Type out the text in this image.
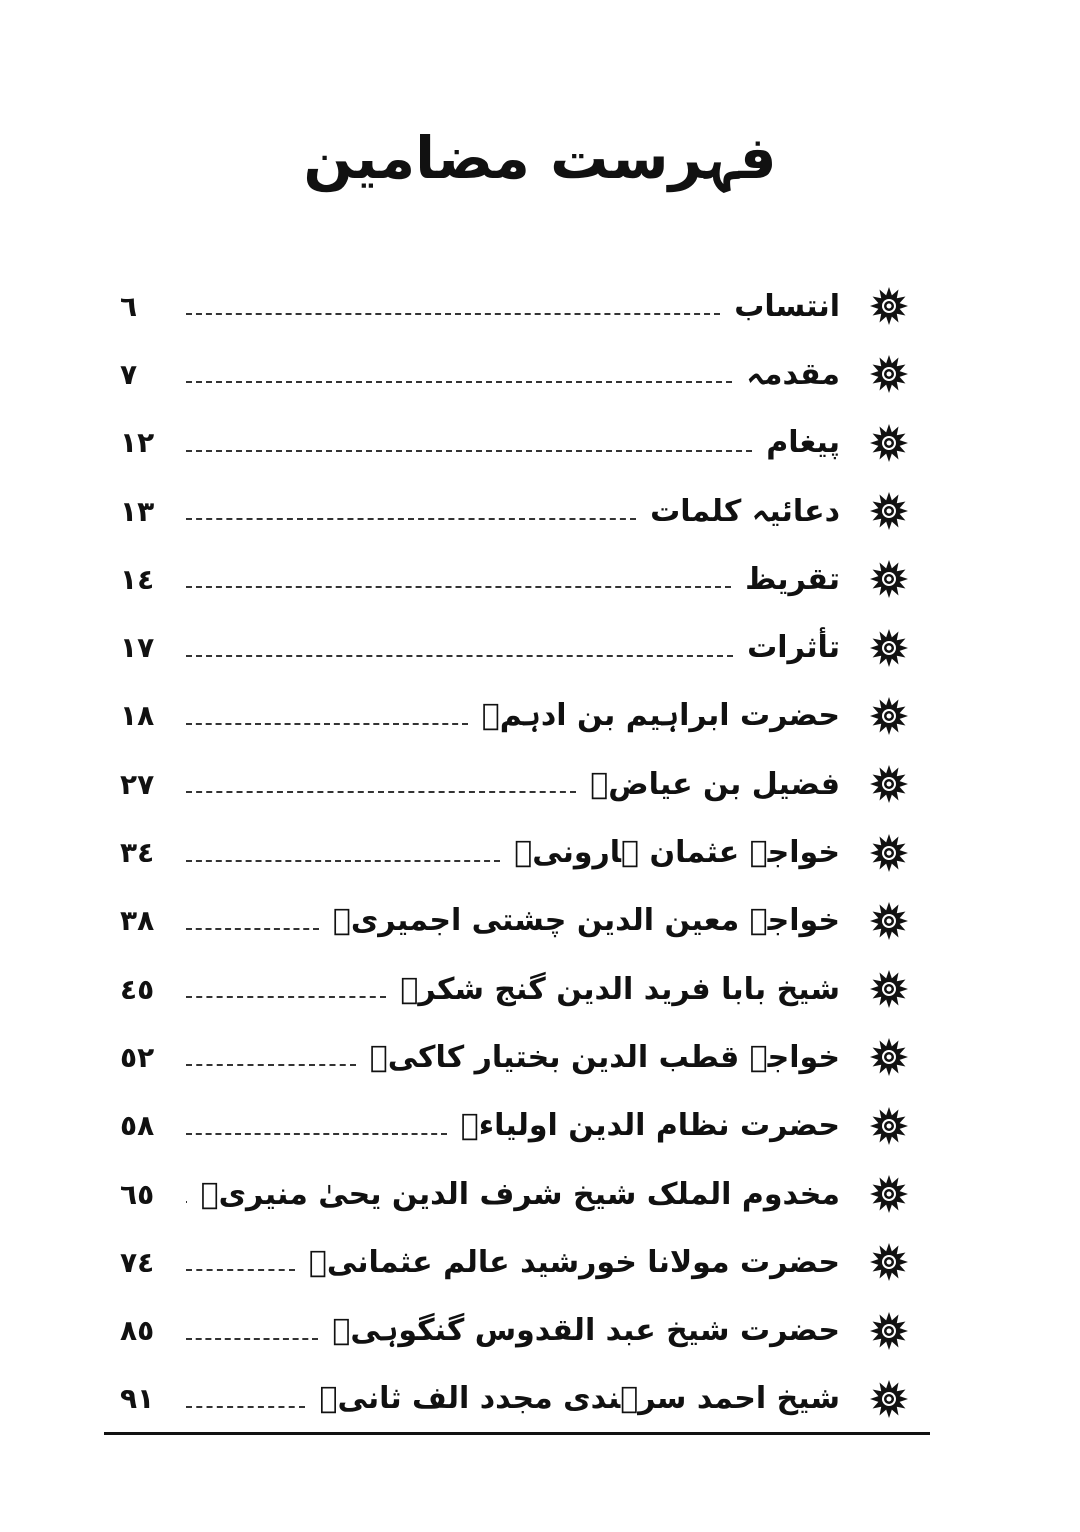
فہرست مضامین
انتساب
٦
مقدمہ
٧
پیغام
١٢
دعائیہ کلمات
١٣
تقریظ
١٤
تأثرات
١٧
حضرت ابراہیم بن ادہمؒ
١٨
فضیل بن عیاضؒ
٢٧
خواجہ عثمان ہارونیؒ
٣٤
خواجہ معین الدین چشتی اجمیریؒ
٣٨
شیخ بابا فرید الدین گنج شکرؒ
٤٥
خواجہ قطب الدین بختیار کاکیؒ
٥٢
حضرت نظام الدین اولیاءؒ
٥٨
مخدوم الملک شیخ شرف الدین یحیٰ منیریؒ
٦٥
حضرت مولانا خورشید عالم عثمانیؒ
٧٤
حضرت شیخ عبد القدوس گنگوہیؒ
٨٥
شیخ احمد سرہندی مجدد الف ثانیؒ
٩١
